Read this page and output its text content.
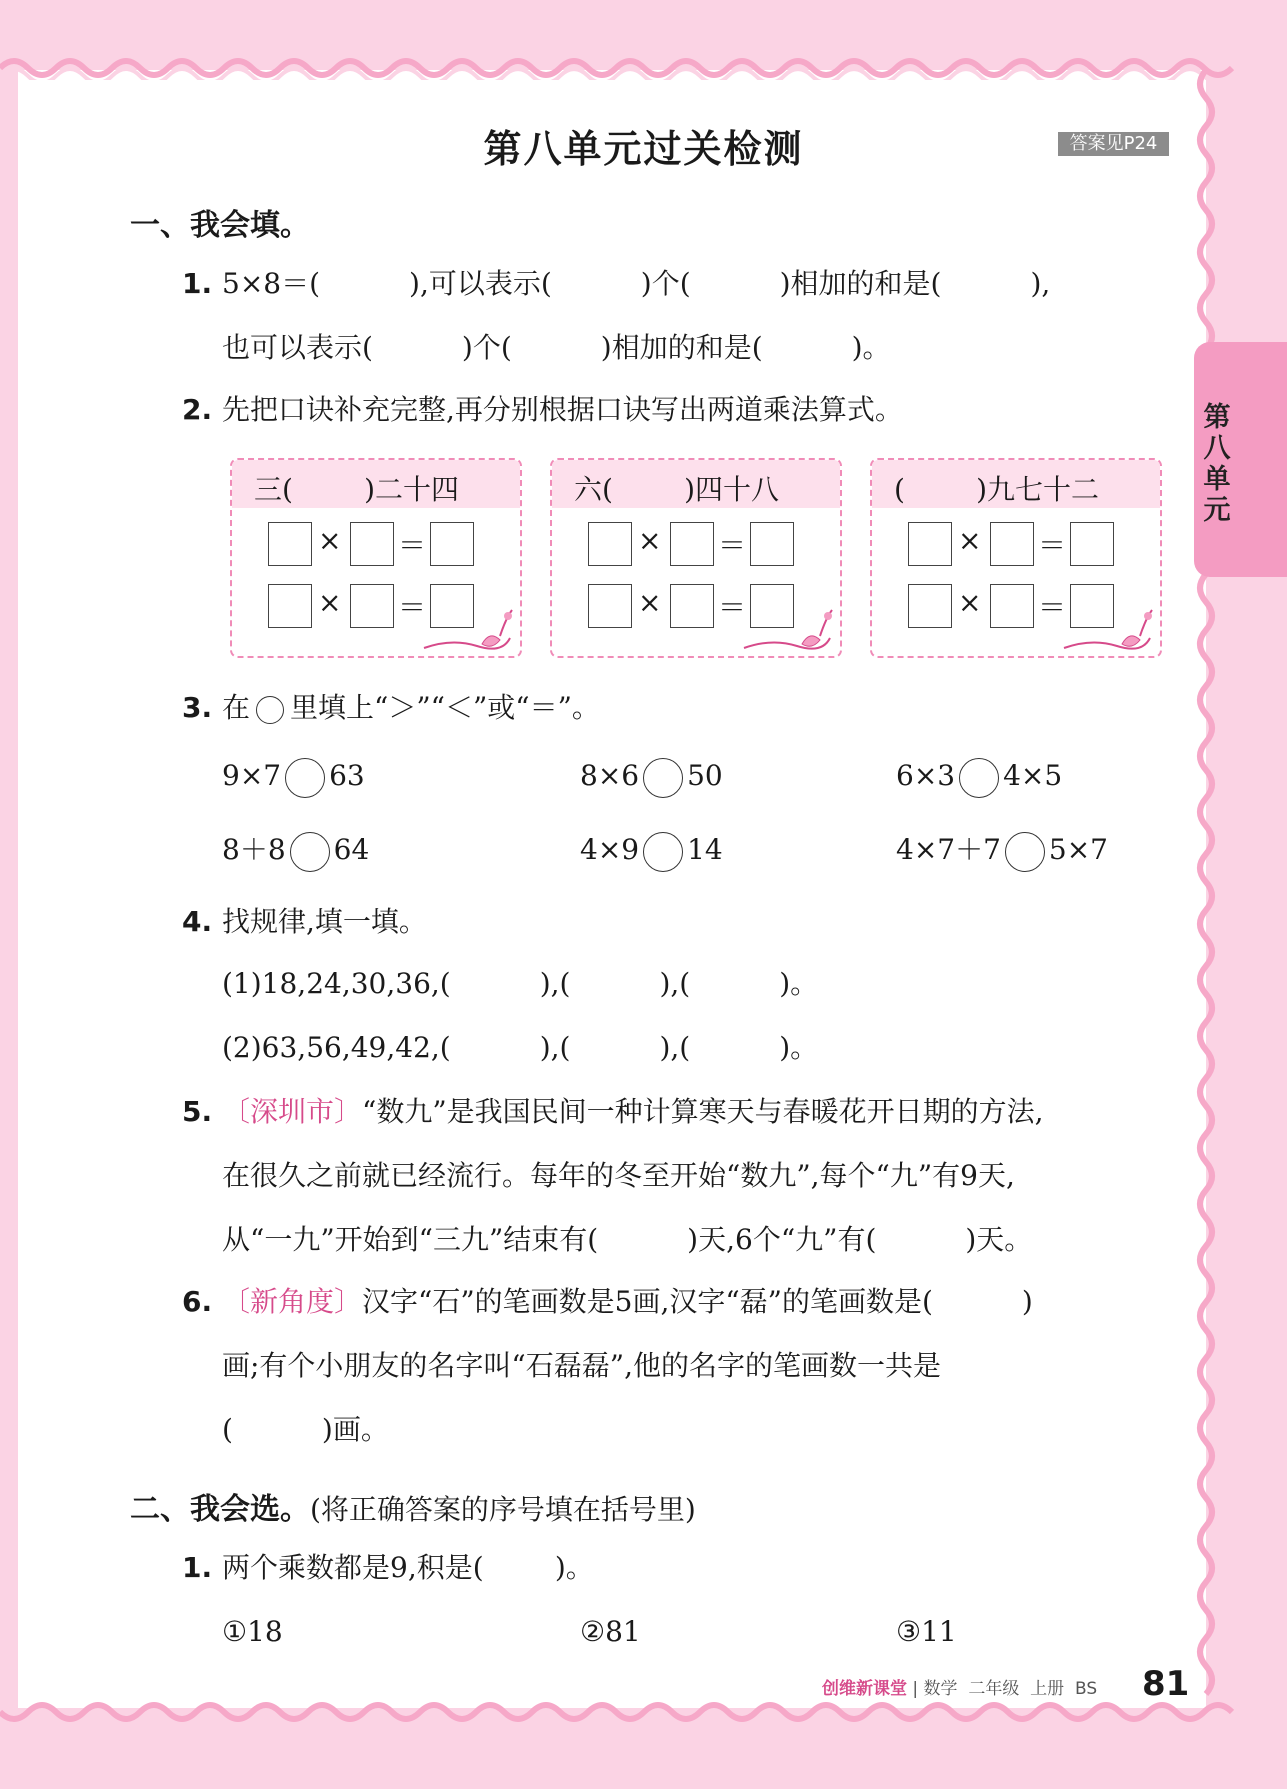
第八单元过关检测	答案见P24
第八单元
一、我会填。
1. 5×8＝(          ),可以表示(          )个(          )相加的和是(          ),
也可以表示(          )个(          )相加的和是(          )。
2. 先把口诀补充完整,再分别根据口诀写出两道乘法算式。
三(        )二十四
× ＝
× ＝
六(        )四十八
× ＝
× ＝
(        )九七十二
× ＝
× ＝
3. 在 里填上“＞”“＜”或“＝”。
9×7 63	8×6 50	6×3 4×5
8＋8 64	4×9 14	4×7＋7 5×7
4. 找规律,填一填。
(1)18,24,30,36,(          ),(          ),(          )。
(2)63,56,49,42,(          ),(          ),(          )。
5. 〔深圳市〕“数九”是我国民间一种计算寒天与春暖花开日期的方法,
在很久之前就已经流行。每年的冬至开始“数九”,每个“九”有9天,
从“一九”开始到“三九”结束有(          )天,6个“九”有(          )天。
6. 〔新角度〕汉字“石”的笔画数是5画,汉字“磊”的笔画数是(          )
画;有个小朋友的名字叫“石磊磊”,他的名字的笔画数一共是
(          )画。
二、我会选。(将正确答案的序号填在括号里)
1. 两个乘数都是9,积是(        )。
①18	②81	③11
创维新课堂 | 数学  二年级  上册  BS 81
